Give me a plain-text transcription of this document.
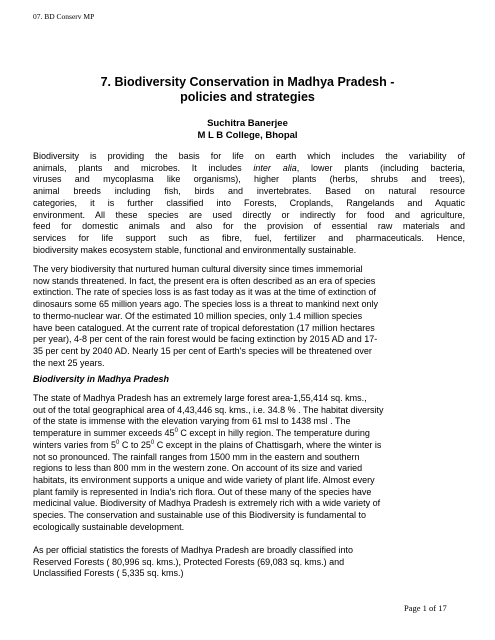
07. BD Conserv MP
7. Biodiversity Conservation in Madhya Pradesh -
policies and strategies
Suchitra Banerjee
M L B College, Bhopal
Biodiversity is providing the basis for life on earth which includes the variability of
animals, plants and microbes. It includes inter alia, lower plants (including bacteria,
viruses and mycoplasma like organisms), higher plants (herbs, shrubs and trees),
animal breeds including fish, birds and invertebrates. Based on natural resource
categories, it is further classified into Forests, Croplands, Rangelands and Aquatic
environment. All these species are used directly or indirectly for food and agriculture,
feed for domestic animals and also for the provision of essential raw materials and
services for life support such as fibre, fuel, fertilizer and pharmaceuticals. Hence,
biodiversity makes ecosystem stable, functional and environmentally sustainable.
The very biodiversity that nurtured human cultural diversity since times immemorial
now stands threatened. In fact, the present era is often described as an era of species
extinction. The rate of species loss is as fast today as it was at the time of extinction of
dinosaurs some 65 million years ago. The species loss is a threat to mankind next only
to thermo-nuclear war. Of the estimated 10 million species, only 1.4 million species
have been catalogued. At the current rate of tropical deforestation (17 million hectares
per year), 4-8 per cent of the rain forest would be facing extinction by 2015 AD and 17-
35 per cent by 2040 AD. Nearly 15 per cent of Earth's species will be threatened over
the next 25 years.
Biodiversity in Madhya Pradesh
The state of Madhya Pradesh has an extremely large forest area-1,55,414 sq. kms.,
out of the total geographical area of 4,43,446 sq. kms., i.e. 34.8 % . The habitat diversity
of the state is immense with the elevation varying from 61 msl to 1438 msl . The
temperature in summer exceeds $45^0$ C except in hilly region. The temperature during
winters varies from $5^0$ C to $25^0$ C except in the plains of Chattisgarh, where the winter is
not so pronounced. The rainfall ranges from 1500 mm in the eastern and southern
regions to less than 800 mm in the western zone. On account of its size and varied
habitats, its environment supports a unique and wide variety of plant life. Almost every
plant family is represented in India's rich flora. Out of these many of the species have
medicinal value. Biodiversity of Madhya Pradesh is extremely rich with a wide variety of
species. The conservation and sustainable use of this Biodiversity is fundamental to
ecologically sustainable development.
As per official statistics the forests of Madhya Pradesh are broadly classified into
Reserved Forests ( 80,996 sq. kms.), Protected Forests (69,083 sq. kms.) and
Unclassified Forests ( 5,335 sq. kms.)
Page 1 of 17
